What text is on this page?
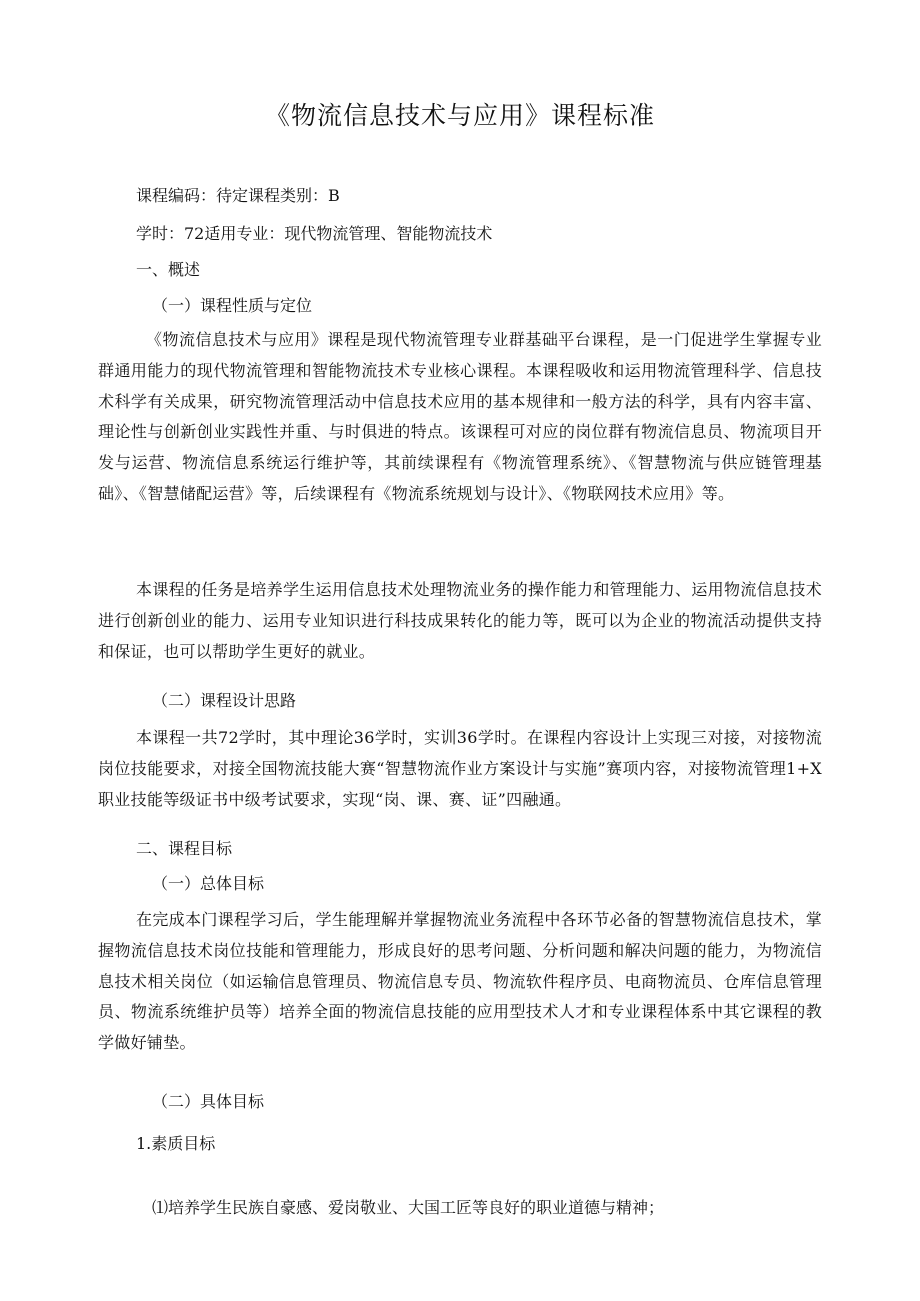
《物流信息技术与应用》课程标准

课程编码：待定课程类别：B

学时：72适用专业：现代物流管理、智能物流技术

一、概述

（一）课程性质与定位

《物流信息技术与应用》课程是现代物流管理专业群基础平台课程，是一门促进学生掌握专业群通用能力的现代物流管理和智能物流技术专业核心课程。本课程吸收和运用物流管理科学、信息技术科学有关成果，研究物流管理活动中信息技术应用的基本规律和一般方法的科学，具有内容丰富、理论性与创新创业实践性并重、与时俱进的特点。该课程可对应的岗位群有物流信息员、物流项目开发与运营、物流信息系统运行维护等，其前续课程有《物流管理系统》、《智慧物流与供应链管理基础》、《智慧储配运营》等，后续课程有《物流系统规划与设计》、《物联网技术应用》等。

本课程的任务是培养学生运用信息技术处理物流业务的操作能力和管理能力、运用物流信息技术进行创新创业的能力、运用专业知识进行科技成果转化的能力等，既可以为企业的物流活动提供支持和保证，也可以帮助学生更好的就业。

（二）课程设计思路

本课程一共72学时，其中理论36学时，实训36学时。在课程内容设计上实现三对接，对接物流岗位技能要求，对接全国物流技能大赛“智慧物流作业方案设计与实施”赛项内容，对接物流管理1+X职业技能等级证书中级考试要求，实现“岗、课、赛、证”四融通。

二、课程目标

（一）总体目标

在完成本门课程学习后，学生能理解并掌握物流业务流程中各环节必备的智慧物流信息技术，掌握物流信息技术岗位技能和管理能力，形成良好的思考问题、分析问题和解决问题的能力，为物流信息技术相关岗位（如运输信息管理员、物流信息专员、物流软件程序员、电商物流员、仓库信息管理员、物流系统维护员等）培养全面的物流信息技能的应用型技术人才和专业课程体系中其它课程的教学做好铺垫。

（二）具体目标

1.素质目标

⑴培养学生民族自豪感、爱岗敬业、大国工匠等良好的职业道德与精神；
